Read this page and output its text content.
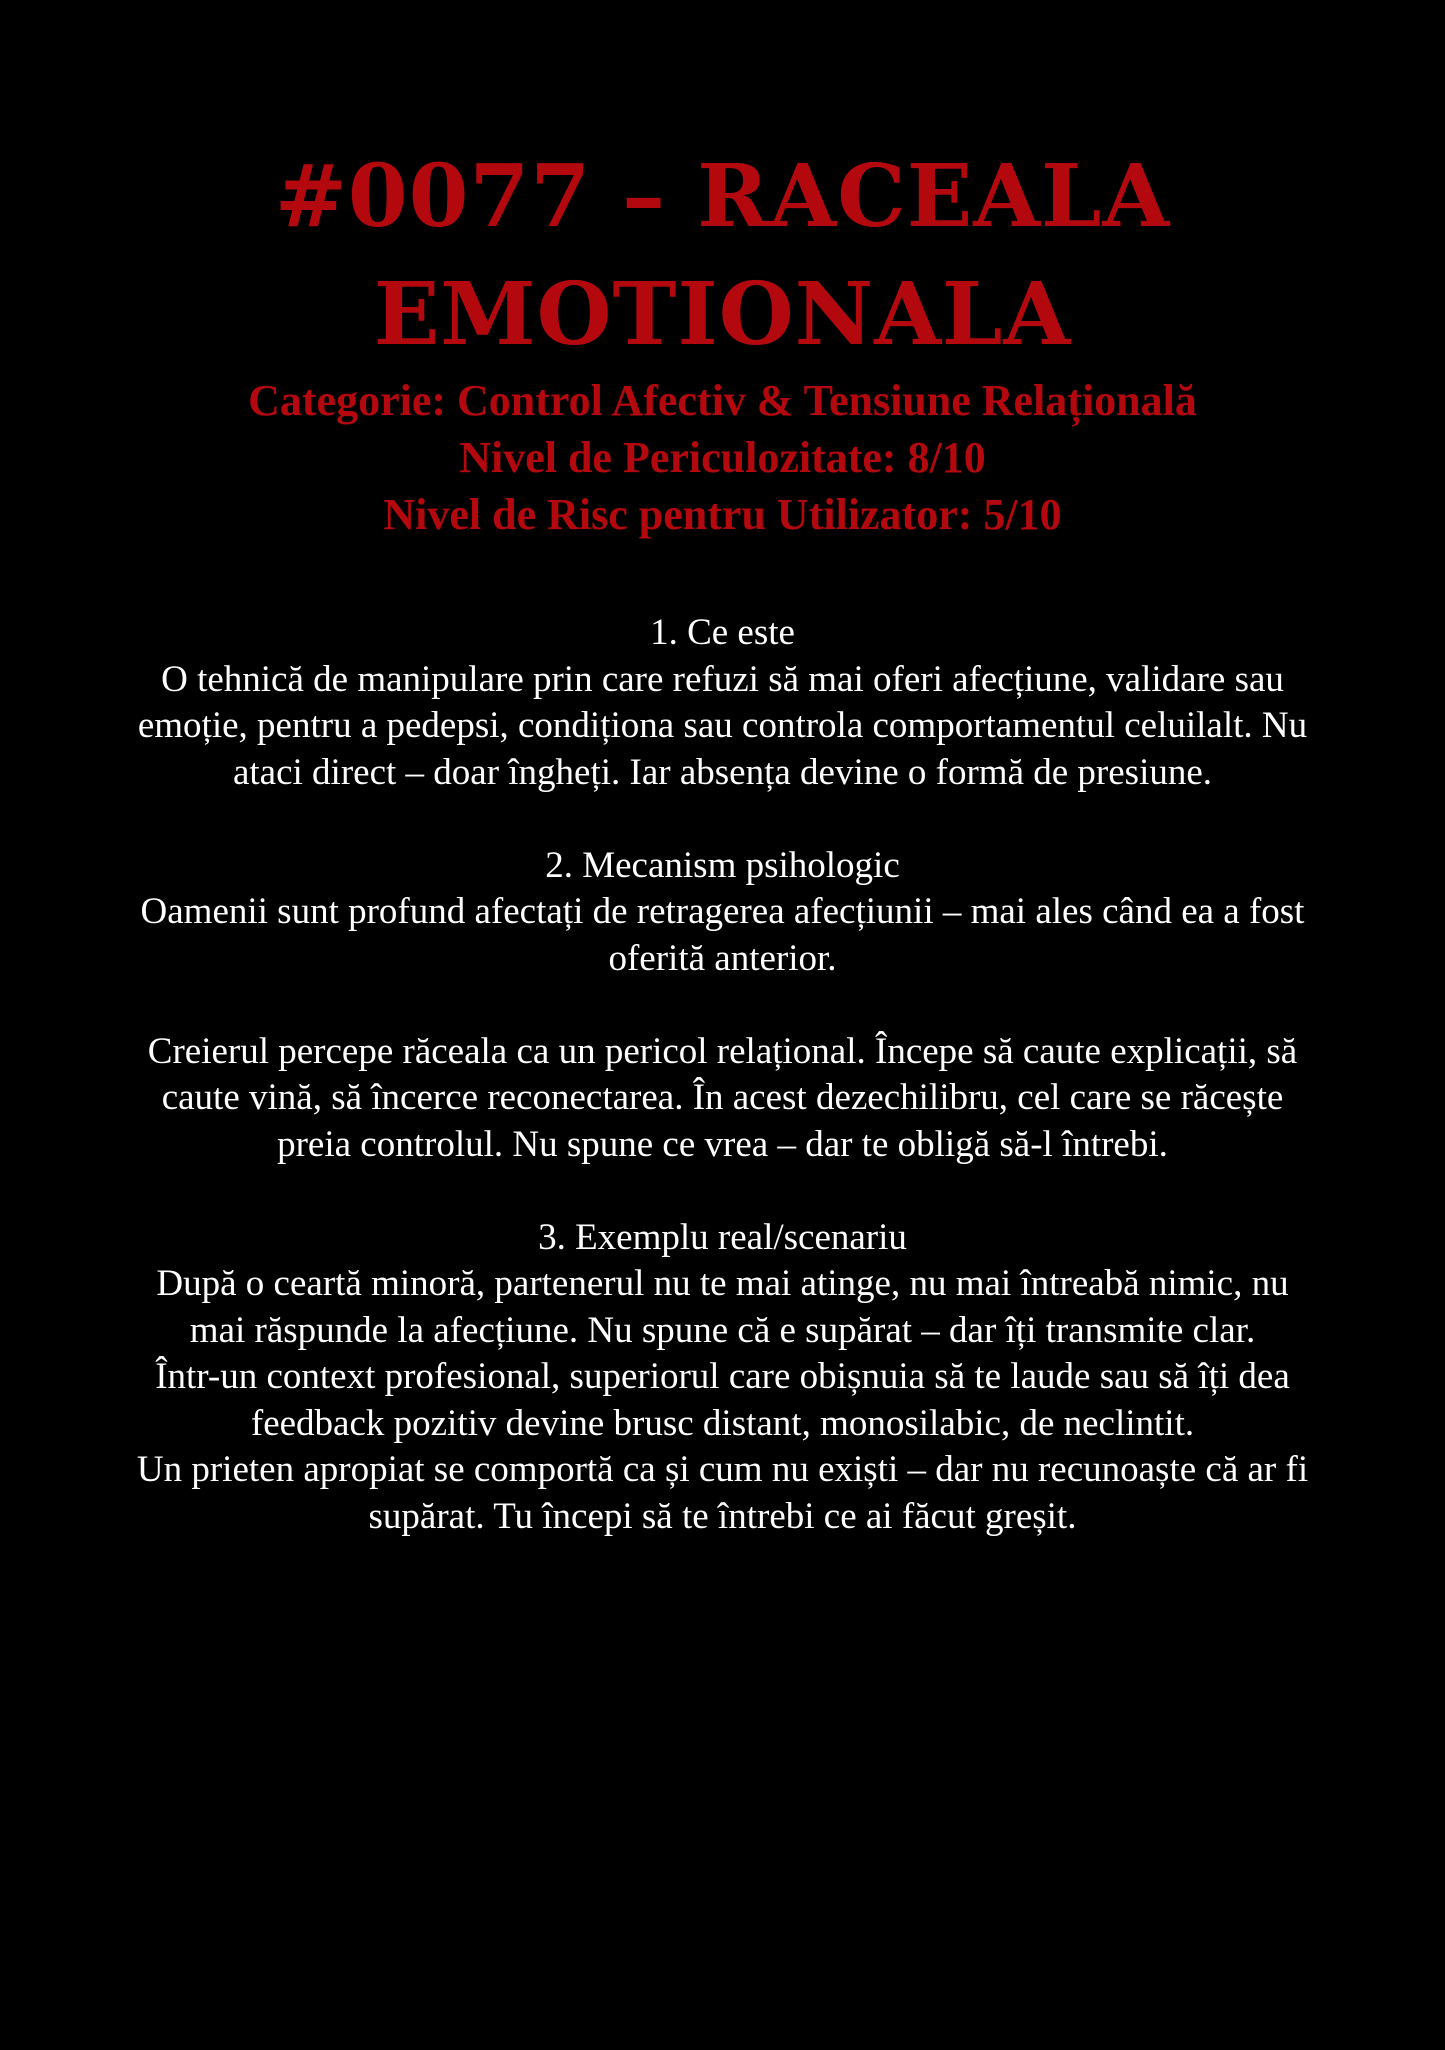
#0077 – RACEALA
EMOTIONALA
Categorie: Control Afectiv & Tensiune Relațională
Nivel de Periculozitate: 8/10
Nivel de Risc pentru Utilizator: 5/10

1. Ce este

O tehnică de manipulare prin care refuzi să mai oferi afecțiune, validare sau emoție, pentru a pedepsi, condiționa sau controla comportamentul celuilalt. Nu ataci direct – doar îngheți. Iar absența devine o formă de presiune.

2. Mecanism psihologic

Oamenii sunt profund afectați de retragerea afecțiunii – mai ales când ea a fost oferită anterior.

Creierul percepe răceala ca un pericol relațional. Începe să caute explicații, să caute vină, să încerce reconectarea. În acest dezechilibru, cel care se răcește preia controlul. Nu spune ce vrea – dar te obligă să-l întrebi.

3. Exemplu real/scenariu

După o ceartă minoră, partenerul nu te mai atinge, nu mai întreabă nimic, nu mai răspunde la afecțiune. Nu spune că e supărat – dar îți transmite clar.

Într-un context profesional, superiorul care obișnuia să te laude sau să îți dea feedback pozitiv devine brusc distant, monosilabic, de neclintit.

Un prieten apropiat se comportă ca și cum nu exiști – dar nu recunoaște că ar fi supărat. Tu începi să te întrebi ce ai făcut greșit.
